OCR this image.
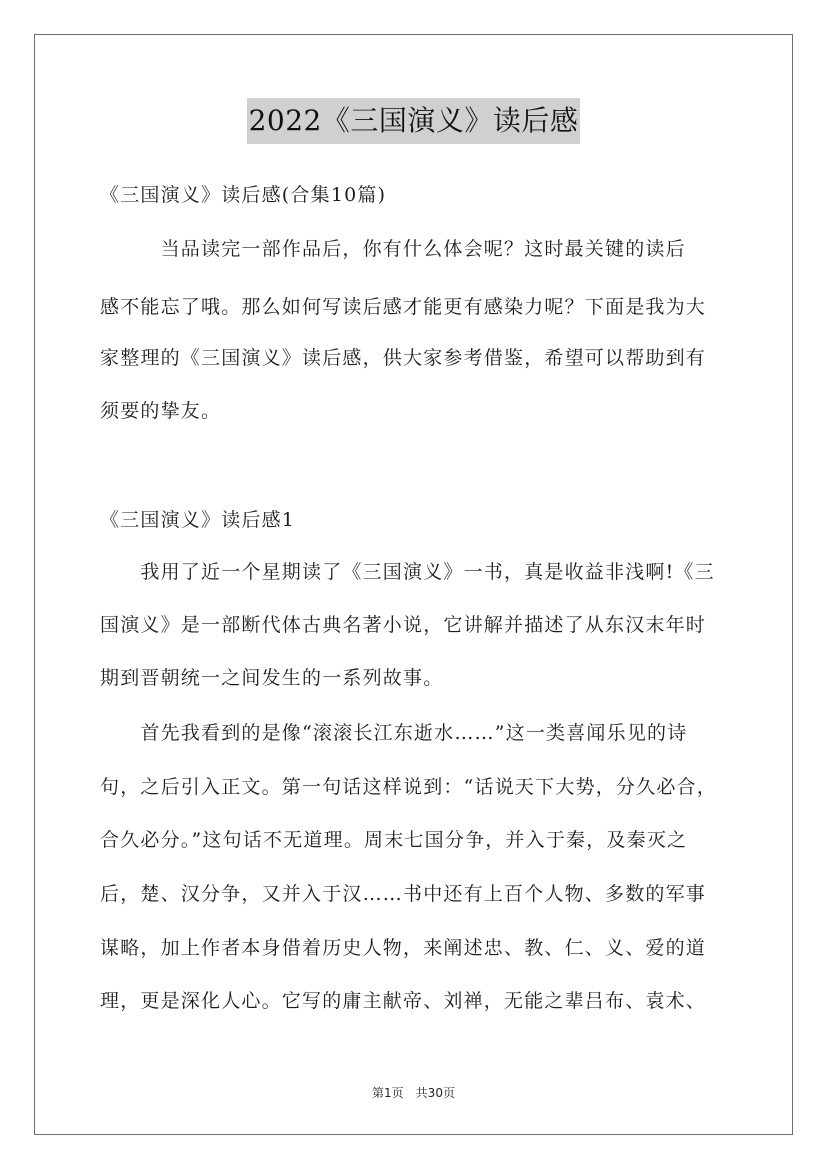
2022《三国演义》读后感
《三国演义》读后感(合集10篇)
　　　当品读完一部作品后，你有什么体会呢？这时最关键的读后
感不能忘了哦。那么如何写读后感才能更有感染力呢？下面是我为大
家整理的《三国演义》读后感，供大家参考借鉴，希望可以帮助到有
须要的挚友。
《三国演义》读后感1
　　我用了近一个星期读了《三国演义》一书，真是收益非浅啊!《三
国演义》是一部断代体古典名著小说，它讲解并描述了从东汉末年时
期到晋朝统一之间发生的一系列故事。
　　首先我看到的是像“滚滚长江东逝水……”这一类喜闻乐见的诗
句，之后引入正文。第一句话这样说到：“话说天下大势，分久必合，
合久必分。”这句话不无道理。周末七国分争，并入于秦，及秦灭之
后，楚、汉分争，又并入于汉……书中还有上百个人物、多数的军事
谋略，加上作者本身借着历史人物，来阐述忠、教、仁、义、爱的道
理，更是深化人心。它写的庸主献帝、刘禅，无能之辈吕布、袁术、
第1页　共30页
